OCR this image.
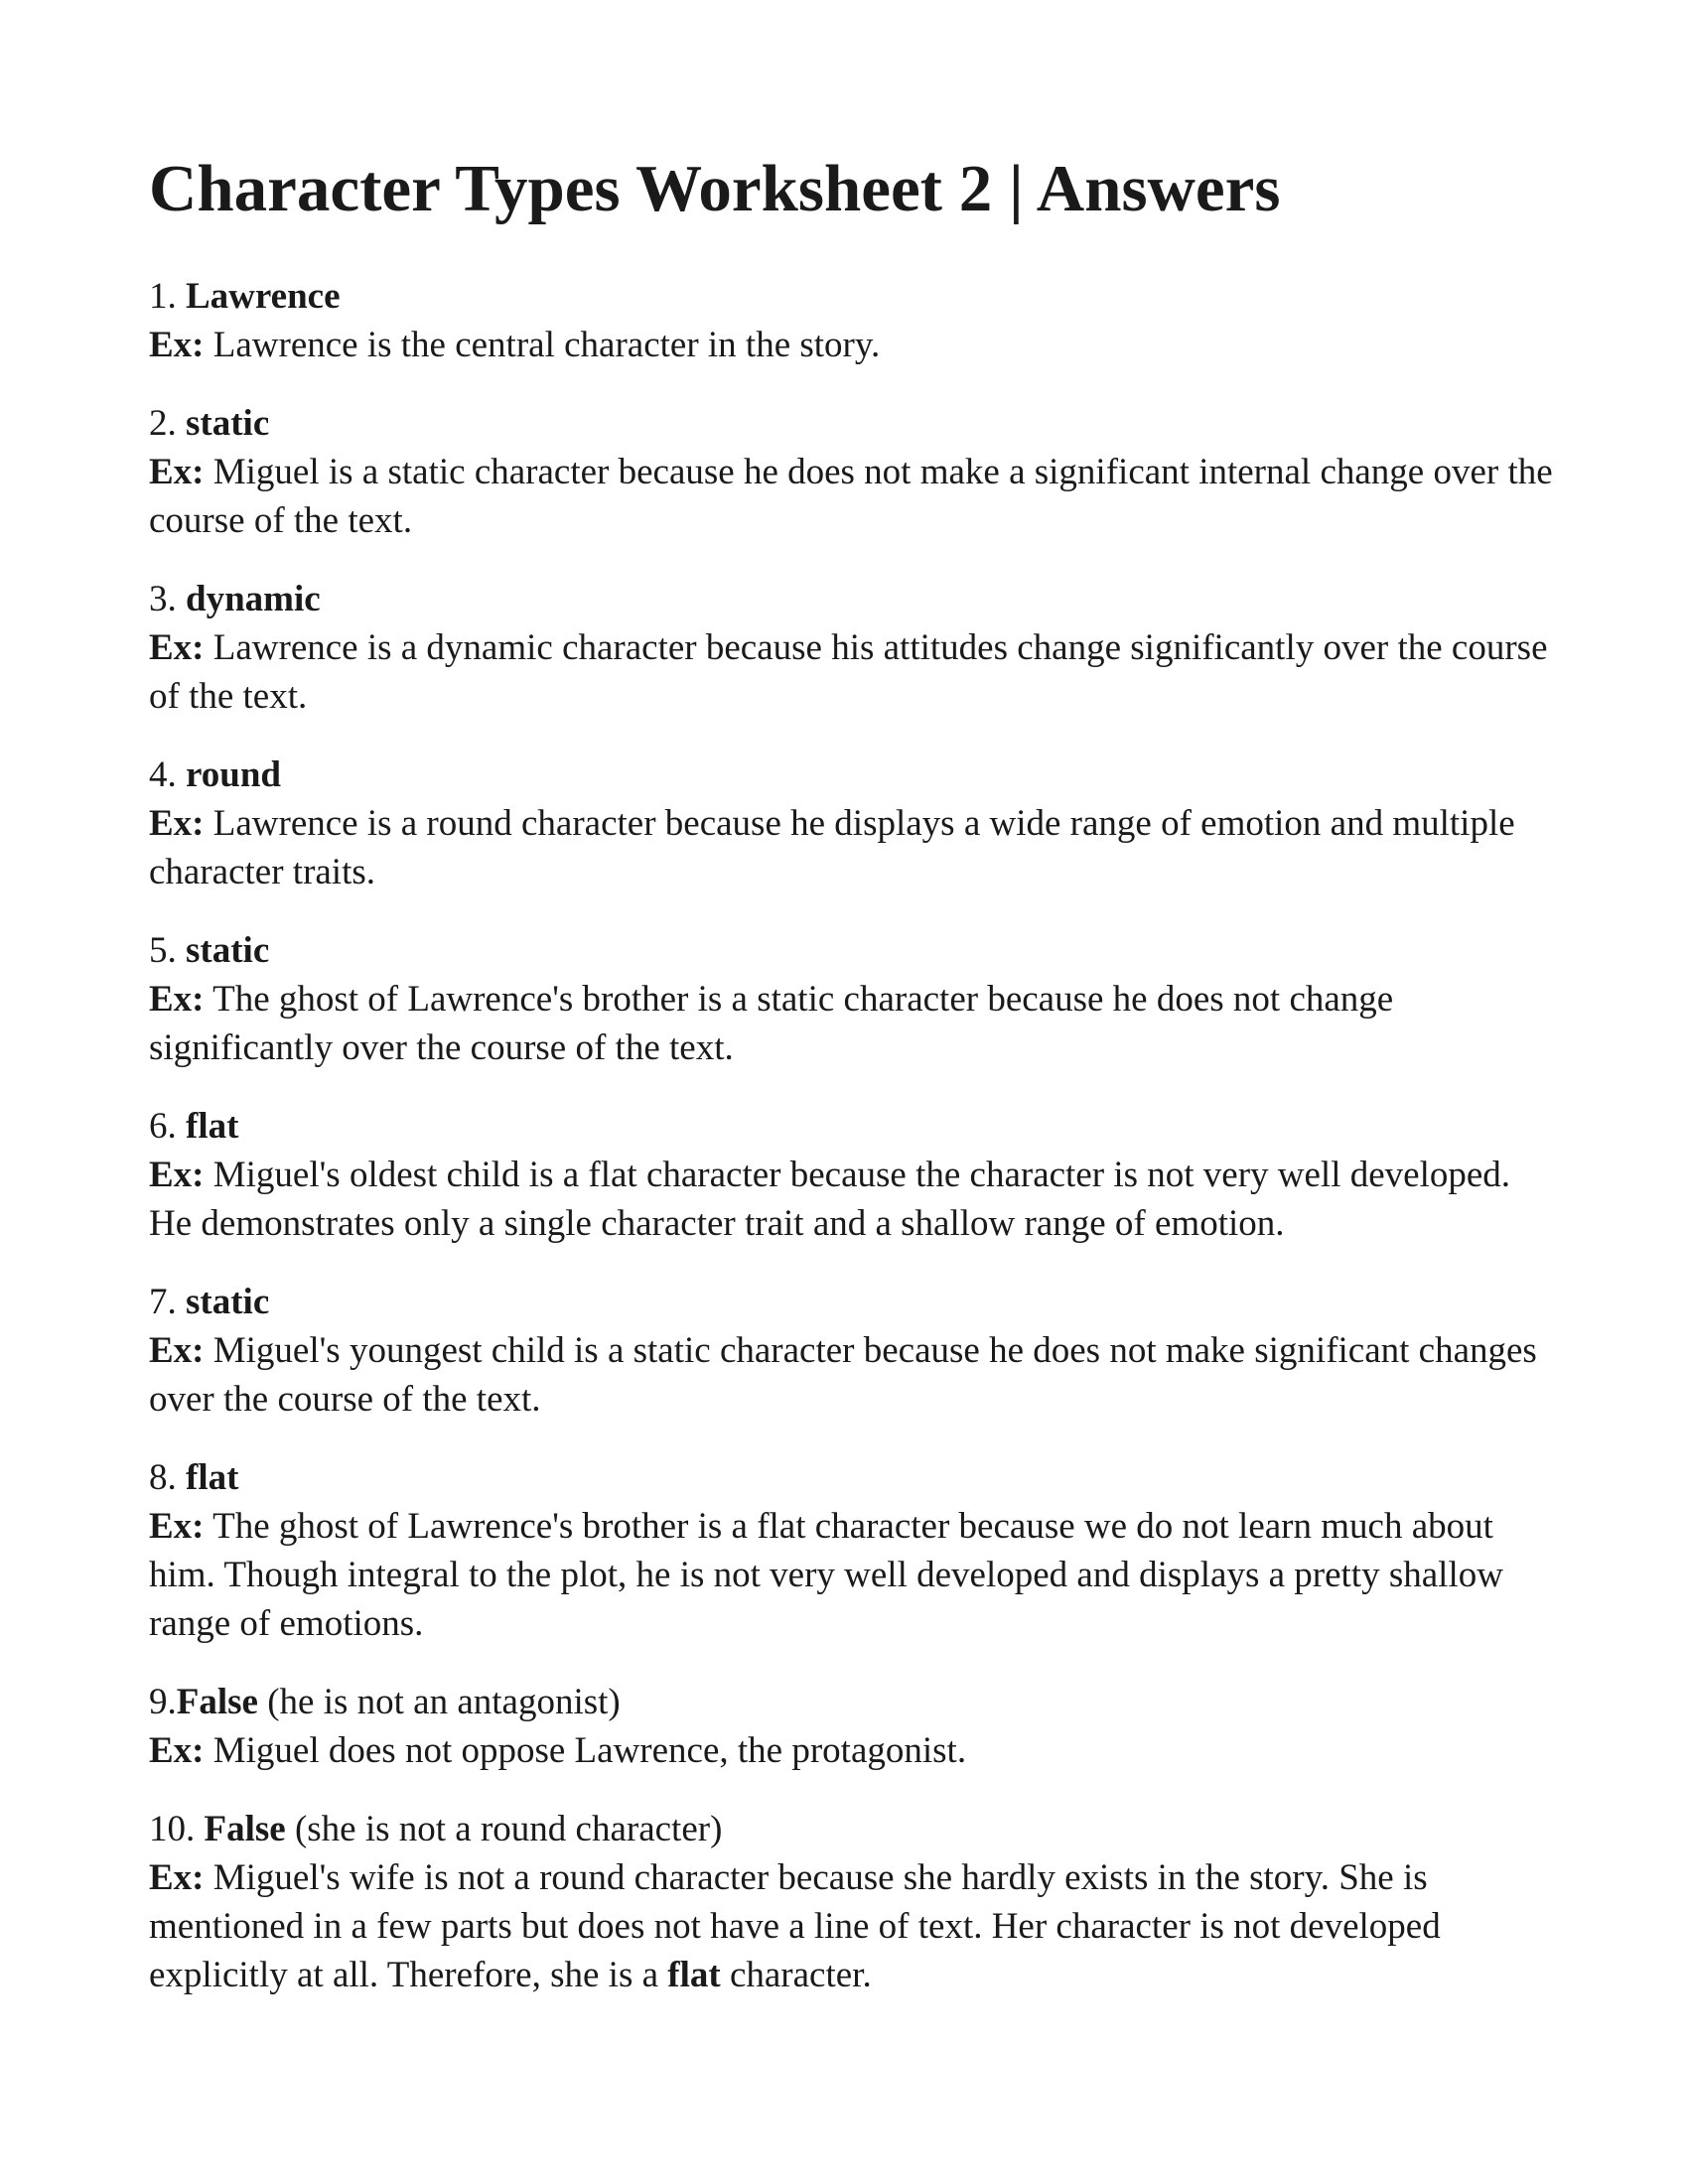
Character Types Worksheet 2 | Answers

1. Lawrence

Ex: Lawrence is the central character in the story.

2. static

Ex: Miguel is a static character because he does not make a significant internal change over the course of the text.

3. dynamic

Ex: Lawrence is a dynamic character because his attitudes change significantly over the course of the text.

4. round

Ex: Lawrence is a round character because he displays a wide range of emotion and multiple character traits.

5. static

Ex: The ghost of Lawrence's brother is a static character because he does not change significantly over the course of the text.

6. flat

Ex: Miguel's oldest child is a flat character because the character is not very well developed. He demonstrates only a single character trait and a shallow range of emotion.

7. static

Ex: Miguel's youngest child is a static character because he does not make significant changes over the course of the text.

8. flat

Ex: The ghost of Lawrence's brother is a flat character because we do not learn much about him. Though integral to the plot, he is not very well developed and displays a pretty shallow range of emotions.

9.False (he is not an antagonist)

Ex: Miguel does not oppose Lawrence, the protagonist.

10. False (she is not a round character)

Ex: Miguel's wife is not a round character because she hardly exists in the story. She is mentioned in a few parts but does not have a line of text. Her character is not developed explicitly at all. Therefore, she is a flat character.
